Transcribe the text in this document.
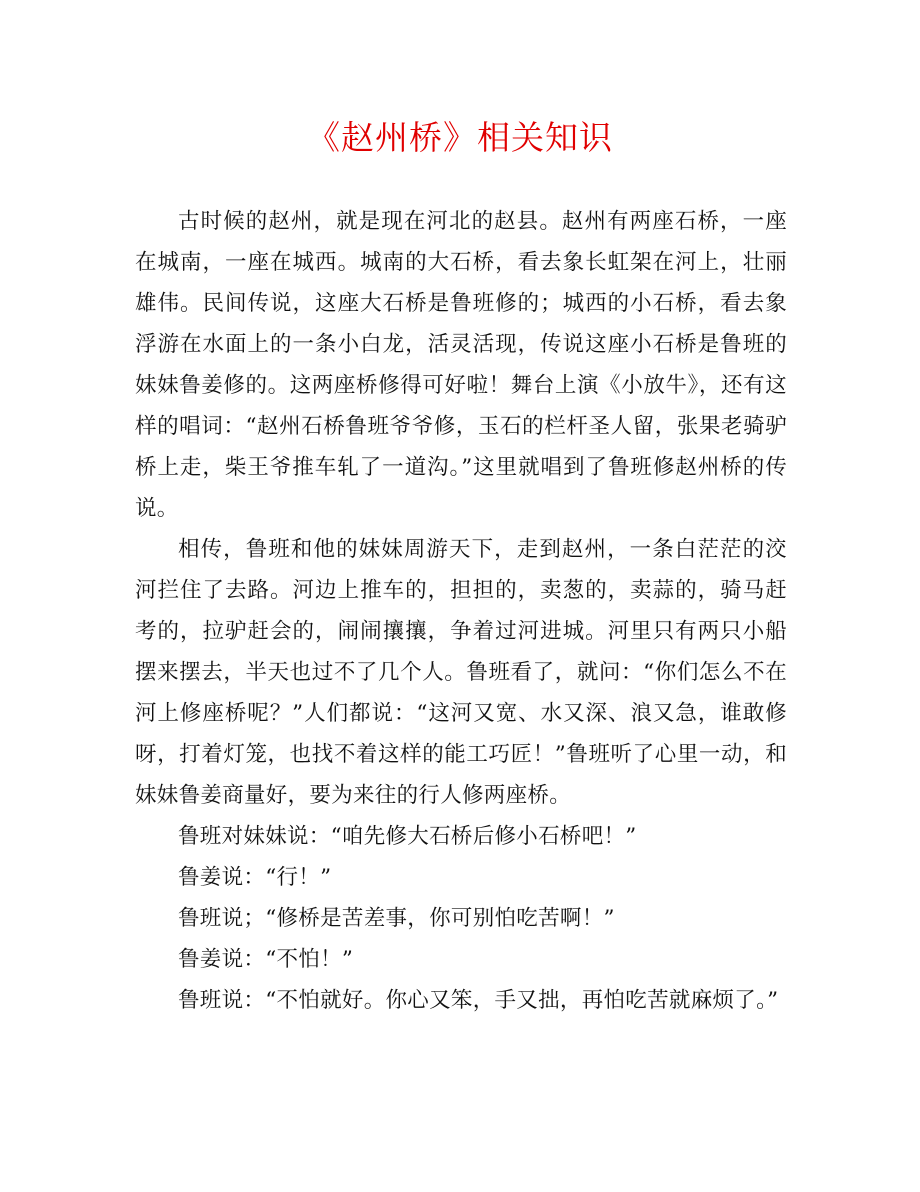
《赵州桥》相关知识

古时候的赵州，就是现在河北的赵县。赵州有两座石桥，一座在城南，一座在城西。城南的大石桥，看去象长虹架在河上，壮丽雄伟。民间传说，这座大石桥是鲁班修的；城西的小石桥，看去象浮游在水面上的一条小白龙，活灵活现，传说这座小石桥是鲁班的妹妹鲁姜修的。这两座桥修得可好啦！舞台上演《小放牛》，还有这样的唱词：“赵州石桥鲁班爷爷修，玉石的栏杆圣人留，张果老骑驴桥上走，柴王爷推车轧了一道沟。”这里就唱到了鲁班修赵州桥的传说。

相传，鲁班和他的妹妹周游天下，走到赵州，一条白茫茫的洨河拦住了去路。河边上推车的，担担的，卖葱的，卖蒜的，骑马赶考的，拉驴赶会的，闹闹攘攘，争着过河进城。河里只有两只小船摆来摆去，半天也过不了几个人。鲁班看了，就问：“你们怎么不在河上修座桥呢？”人们都说：“这河又宽、水又深、浪又急，谁敢修呀，打着灯笼，也找不着这样的能工巧匠！”鲁班听了心里一动，和妹妹鲁姜商量好，要为来往的行人修两座桥。

鲁班对妹妹说：“咱先修大石桥后修小石桥吧！”

鲁姜说：“行！”

鲁班说；“修桥是苦差事，你可别怕吃苦啊！”

鲁姜说：“不怕！”

鲁班说：“不怕就好。你心又笨，手又拙，再怕吃苦就麻烦了。”
